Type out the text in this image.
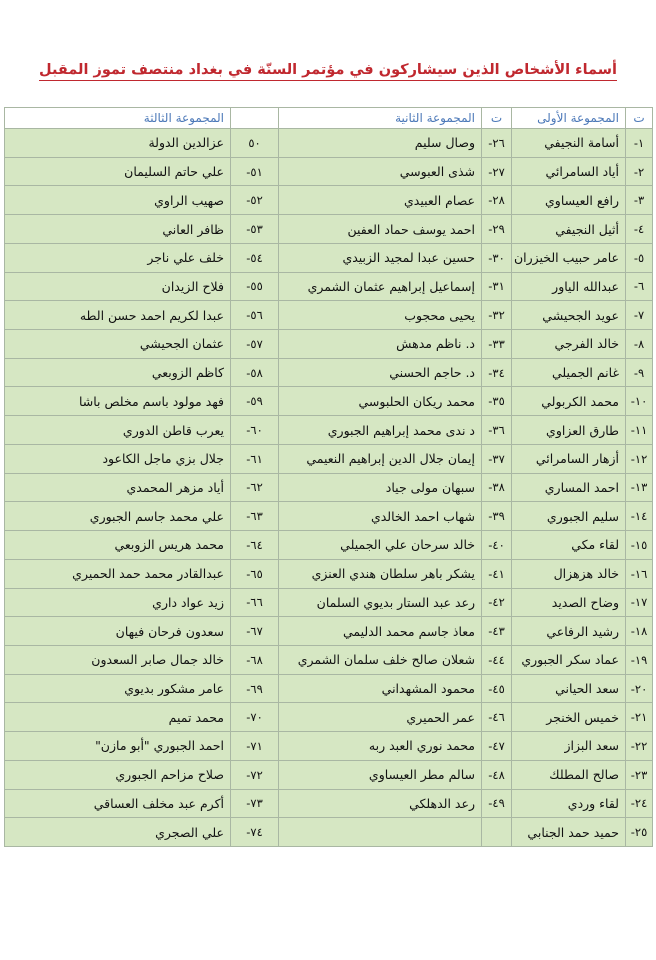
أسماء الأشخاص الذين سيشاركون في مؤتمر السنّة في بغداد منتصف تموز المقبل
ت	المجموعة الأولى	ت	المجموعة الثانية		المجموعة الثالثة
١-	أسامة النجيفي	٢٦-	وصال سليم	٥٠	عزالدين الدولة
٢-	أياد السامرائي	٢٧-	شذى العبوسي	٥١-	علي حاتم السليمان
٣-	رافع العيساوي	٢٨-	عصام العبيدي	٥٢-	صهيب الراوي
٤-	أثيل النجيفي	٢٩-	احمد يوسف حماد العفين	٥٣-	ظافر العاني
٥-	عامر حبيب الخيزران	٣٠-	حسين عبدا لمجيد الزبيدي	٥٤-	خلف علي ناجر
٦-	عبدالله الياور	٣١-	إسماعيل إبراهيم عثمان الشمري	٥٥-	فلاح الزيدان
٧-	عويد الجحيشي	٣٢-	يحيى محجوب	٥٦-	عبدا لكريم احمد حسن الطه
٨-	خالد الفرجي	٣٣-	د. ناظم مدهش	٥٧-	عثمان الجحيشي
٩-	غانم الجميلي	٣٤-	د. حاجم الحسني	٥٨-	كاظم الزوبعي
١٠-	محمد الكربولي	٣٥-	محمد ريكان الحلبوسي	٥٩-	فهد مولود باسم مخلص باشا
١١-	طارق العزاوي	٣٦-	د ندى محمد إبراهيم الجبوري	٦٠-	يعرب قاطن الدوري
١٢-	أزهار السامرائي	٣٧-	إيمان جلال الدين إبراهيم النعيمي	٦١-	جلال بزي ماجل الكاعود
١٣-	احمد المساري	٣٨-	سبهان مولى جياد	٦٢-	أياد مزهر المحمدي
١٤-	سليم الجبوري	٣٩-	شهاب احمد الخالدي	٦٣-	علي محمد جاسم الجبوري
١٥-	لقاء مكي	٤٠-	خالد سرحان علي الجميلي	٦٤-	محمد هريس الزوبعي
١٦-	خالد هزهزال	٤١-	يشكر باهر سلطان هندي العنزي	٦٥-	عبدالقادر محمد حمد الحميري
١٧-	وضاح الصديد	٤٢-	رعد عبد الستار بديوي السلمان	٦٦-	زيد عواد داري
١٨-	رشيد الرفاعي	٤٣-	معاذ جاسم محمد الدليمي	٦٧-	سعدون فرحان فيهان
١٩-	عماد سكر الجبوري	٤٤-	شعلان صالح خلف سلمان الشمري	٦٨-	خالد جمال صابر السعدون
٢٠-	سعد الحياني	٤٥-	محمود المشهداني	٦٩-	عامر مشكور بديوي
٢١-	خميس الخنجر	٤٦-	عمر الحميري	٧٠-	محمد تميم
٢٢-	سعد البزاز	٤٧-	محمد نوري العبد ربه	٧١-	احمد الجبوري "أبو مازن"
٢٣-	صالح المطلك	٤٨-	سالم مطر العيساوي	٧٢-	صلاح مزاحم الجبوري
٢٤-	لقاء وردي	٤٩-	رعد الدهلكي	٧٣-	أكرم عبد مخلف العساقي
٢٥-	حميد حمد الجنابي			٧٤-	علي الصجري
